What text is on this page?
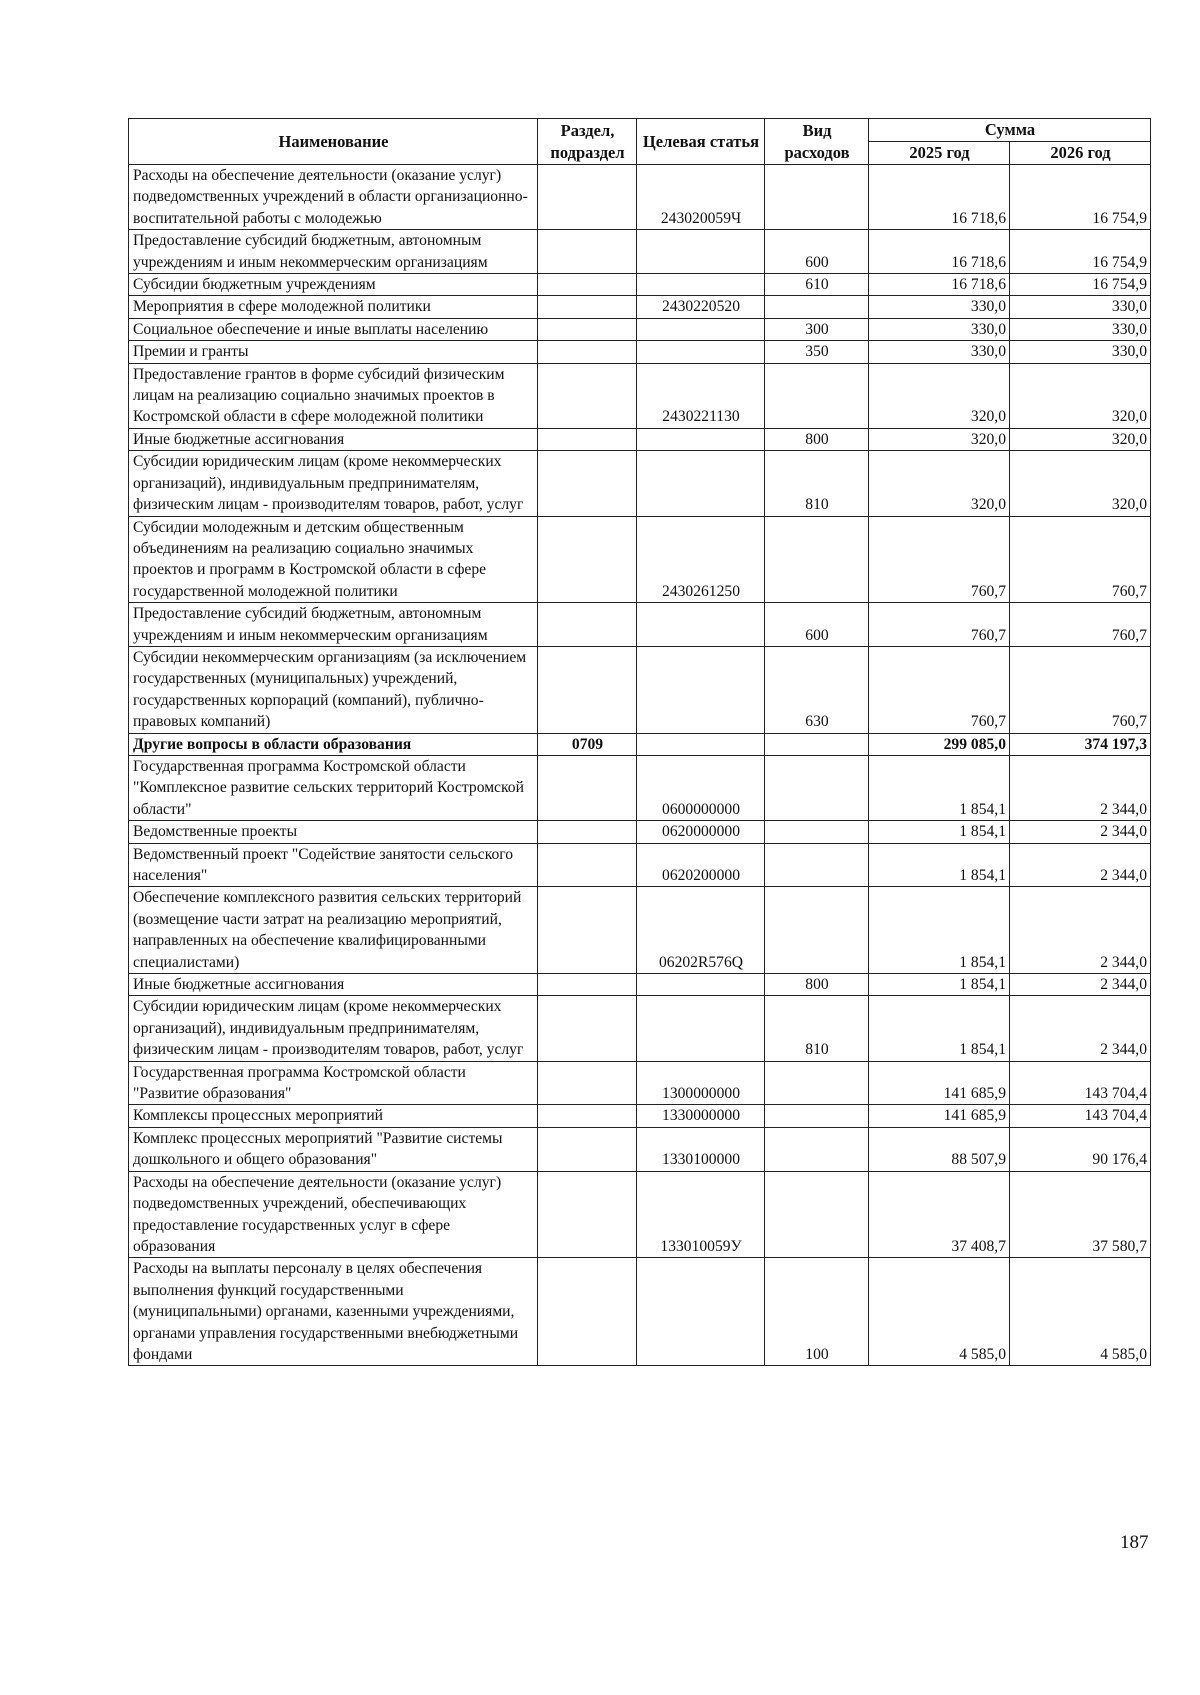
Наименование	Раздел, подраздел	Целевая статья	Вид расходов	Сумма	
				2025 год	2026 год
Расходы на обеспечение деятельности (оказание услуг) подведомственных учреждений в области организационно-воспитательной работы с молодежью		243020059Ч		16 718,6	16 754,9
Предоставление субсидий бюджетным, автономным учреждениям и иным некоммерческим организациям			600	16 718,6	16 754,9
Субсидии бюджетным учреждениям			610	16 718,6	16 754,9
Мероприятия в сфере молодежной политики		2430220520		330,0	330,0
Социальное обеспечение и иные выплаты населению			300	330,0	330,0
Премии и гранты			350	330,0	330,0
Предоставление грантов в форме субсидий физическим лицам на реализацию социально значимых проектов в Костромской области в сфере молодежной политики		2430221130		320,0	320,0
Иные бюджетные ассигнования			800	320,0	320,0
Субсидии юридическим лицам (кроме некоммерческих организаций), индивидуальным предпринимателям, физическим лицам - производителям товаров, работ, услуг			810	320,0	320,0
Субсидии молодежным и детским общественным объединениям на реализацию социально значимых проектов и программ в Костромской области в сфере государственной молодежной политики		2430261250		760,7	760,7
Предоставление субсидий бюджетным, автономным учреждениям и иным некоммерческим организациям			600	760,7	760,7
Субсидии некоммерческим организациям (за исключением государственных (муниципальных) учреждений, государственных корпораций (компаний), публично-правовых компаний)			630	760,7	760,7
Другие вопросы в области образования	0709			299 085,0	374 197,3
Государственная программа Костромской области "Комплексное развитие сельских территорий Костромской области"		0600000000		1 854,1	2 344,0
Ведомственные проекты		0620000000		1 854,1	2 344,0
Ведомственный проект "Содействие занятости сельского населения"		0620200000		1 854,1	2 344,0
Обеспечение комплексного развития сельских территорий (возмещение части затрат на реализацию мероприятий, направленных на обеспечение квалифицированными специалистами)		06202R576Q		1 854,1	2 344,0
Иные бюджетные ассигнования			800	1 854,1	2 344,0
Субсидии юридическим лицам (кроме некоммерческих организаций), индивидуальным предпринимателям, физическим лицам - производителям товаров, работ, услуг			810	1 854,1	2 344,0
Государственная программа Костромской области "Развитие образования"		1300000000		141 685,9	143 704,4
Комплексы процессных мероприятий		1330000000		141 685,9	143 704,4
Комплекс процессных мероприятий "Развитие системы дошкольного и общего образования"		1330100000		88 507,9	90 176,4
Расходы на обеспечение деятельности (оказание услуг) подведомственных учреждений, обеспечивающих предоставление государственных услуг в сфере образования		133010059У		37 408,7	37 580,7
Расходы на выплаты персоналу в целях обеспечения выполнения функций государственными (муниципальными) органами, казенными учреждениями, органами управления государственными внебюджетными фондами			100	4 585,0	4 585,0
187
